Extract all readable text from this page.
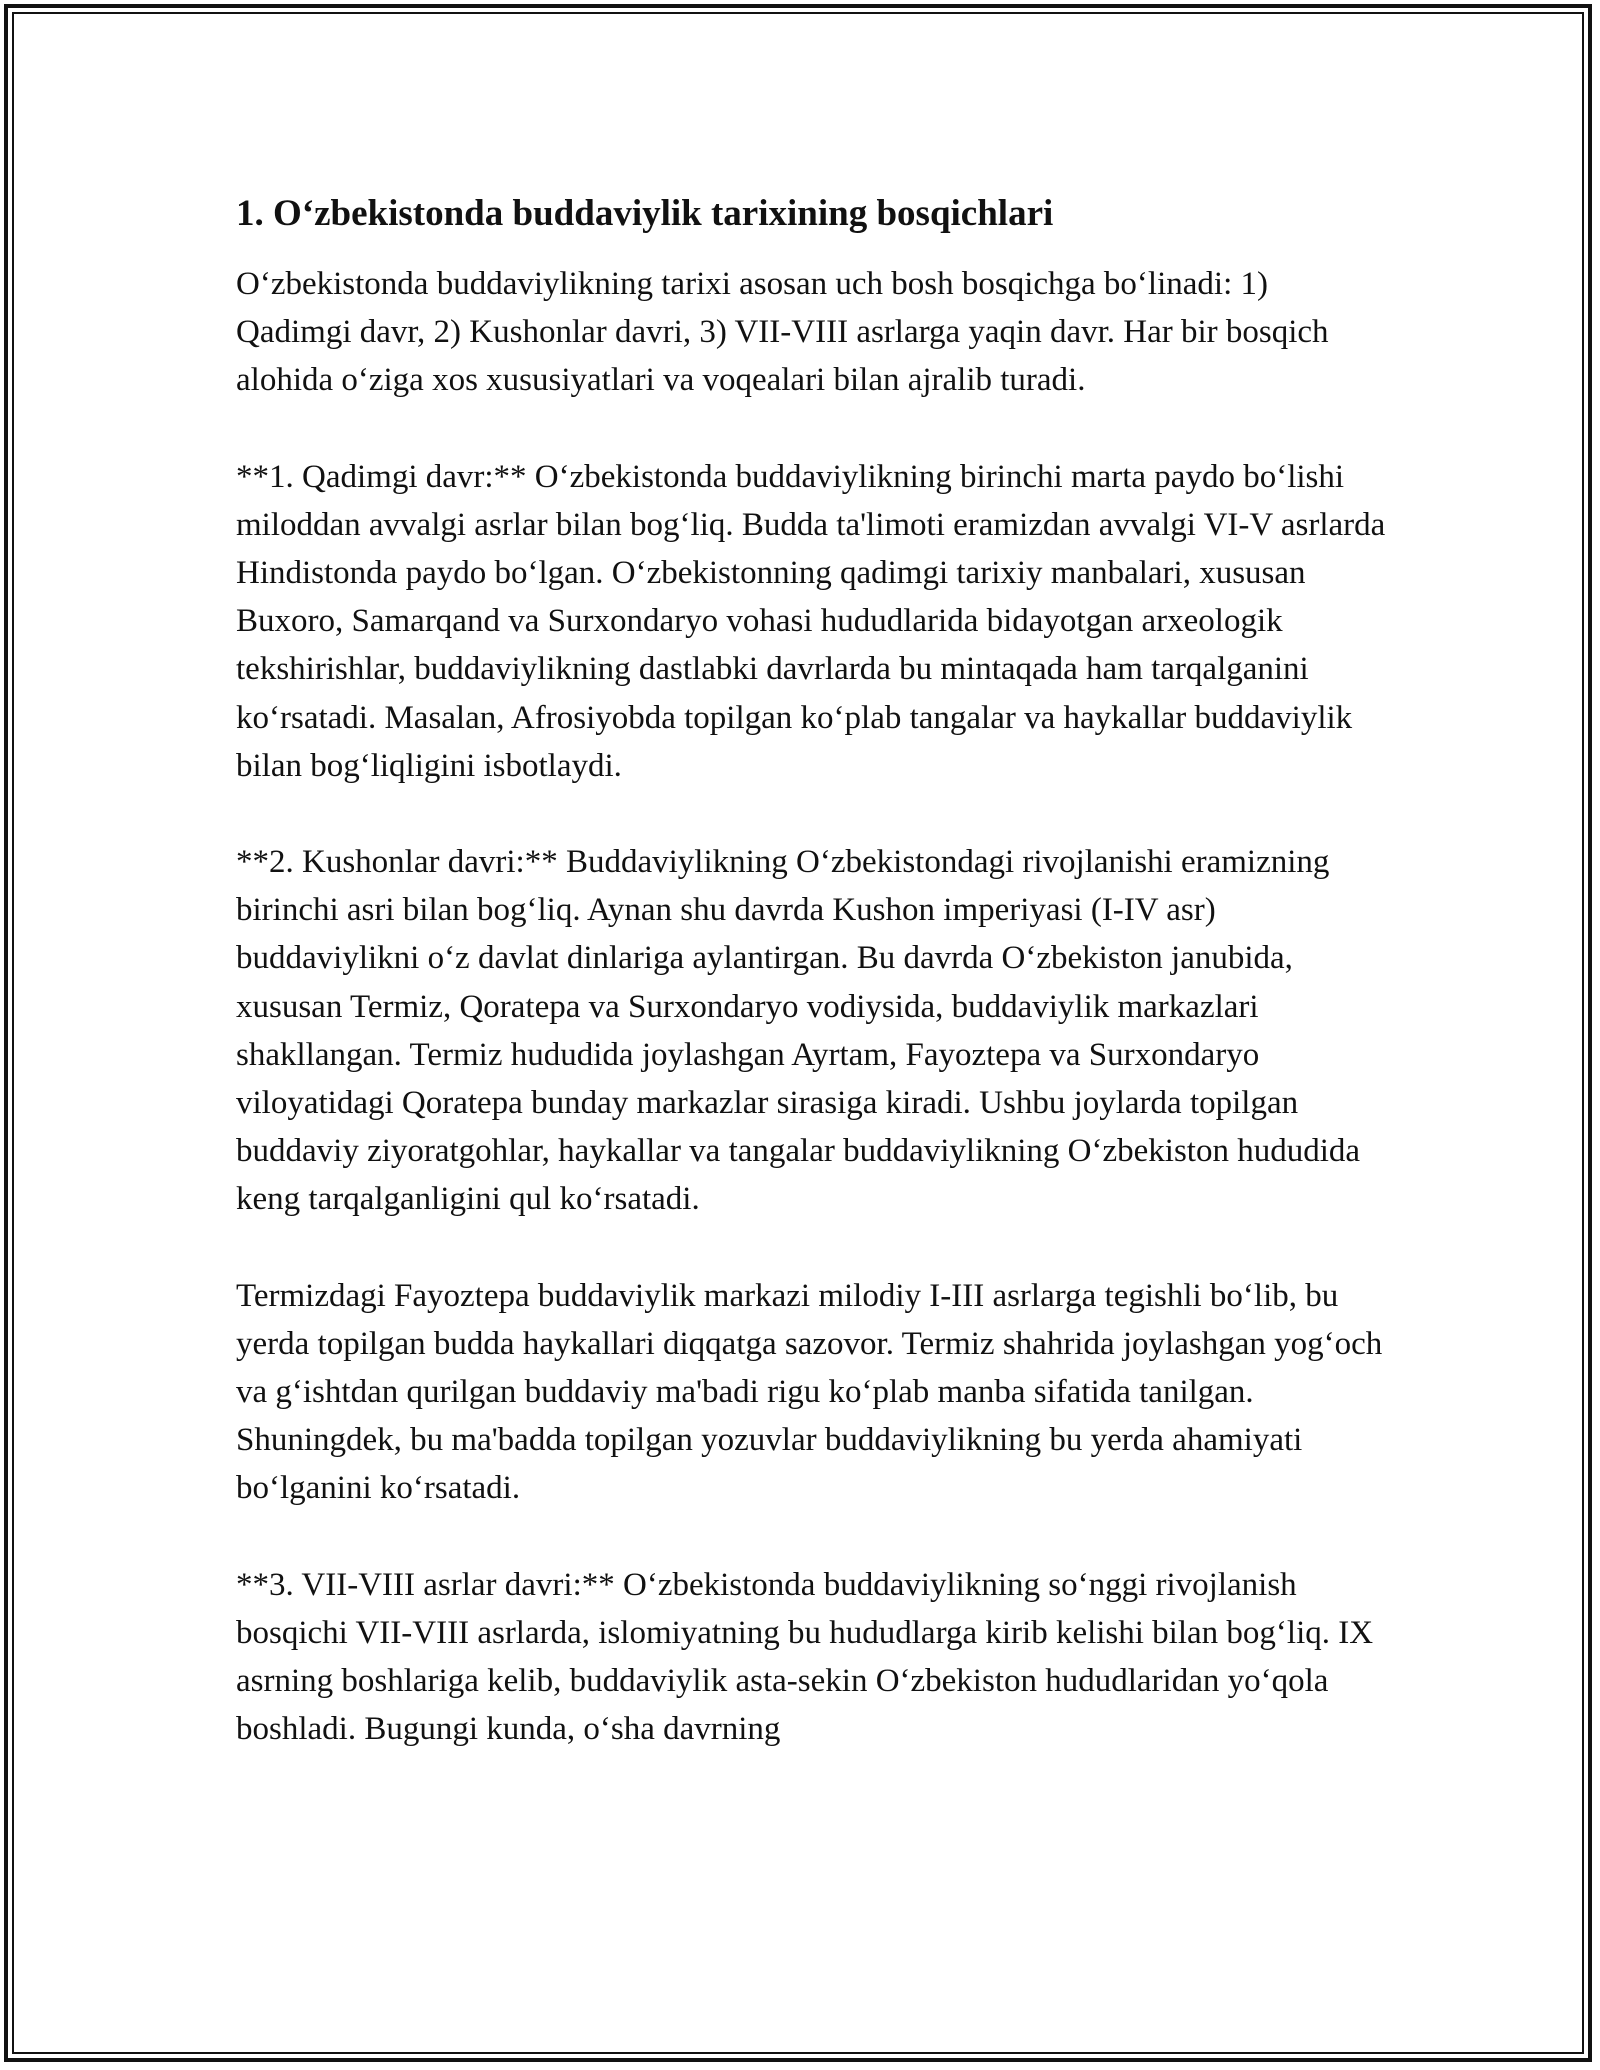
1. O‘zbekistonda buddaviylik tarixining bosqichlari

O‘zbekistonda buddaviylikning tarixi asosan uch bosh bosqichga bo‘linadi: 1) Qadimgi davr, 2) Kushonlar davri, 3) VII-VIII asrlarga yaqin davr. Har bir bosqich alohida o‘ziga xos xususiyatlari va voqealari bilan ajralib turadi.

**1. Qadimgi davr:** O‘zbekistonda buddaviylikning birinchi marta paydo bo‘lishi miloddan avvalgi asrlar bilan bog‘liq. Budda ta'limoti eramizdan avvalgi VI-V asrlarda Hindistonda paydo bo‘lgan. O‘zbekistonning qadimgi tarixiy manbalari, xususan Buxoro, Samarqand va Surxondaryo vohasi hududlarida bidayotgan arxeologik tekshirishlar, buddaviylikning dastlabki davrlarda bu mintaqada ham tarqalganini ko‘rsatadi. Masalan, Afrosiyobda topilgan ko‘plab tangalar va haykallar buddaviylik bilan bog‘liqligini isbotlaydi.

**2. Kushonlar davri:** Buddaviylikning O‘zbekistondagi rivojlanishi eramizning birinchi asri bilan bog‘liq. Aynan shu davrda Kushon imperiyasi (I-IV asr) buddaviylikni o‘z davlat dinlariga aylantirgan. Bu davrda O‘zbekiston janubida, xususan Termiz, Qoratepa va Surxondaryo vodiysida, buddaviylik markazlari shakllangan. Termiz hududida joylashgan Ayrtam, Fayoztepa va Surxondaryo viloyatidagi Qoratepa bunday markazlar sirasiga kiradi. Ushbu joylarda topilgan buddaviy ziyoratgohlar, haykallar va tangalar buddaviylikning O‘zbekiston hududida keng tarqalganligini qul ko‘rsatadi.

Termizdagi Fayoztepa buddaviylik markazi milodiy I-III asrlarga tegishli bo‘lib, bu yerda topilgan budda haykallari diqqatga sazovor. Termiz shahrida joylashgan yog‘och va g‘ishtdan qurilgan buddaviy ma'badi rigu ko‘plab manba sifatida tanilgan. Shuningdek, bu ma'badda topilgan yozuvlar buddaviylikning bu yerda ahamiyati bo‘lganini ko‘rsatadi.

**3. VII-VIII asrlar davri:** O‘zbekistonda buddaviylikning so‘nggi rivojlanish bosqichi VII-VIII asrlarda, islomiyatning bu hududlarga kirib kelishi bilan bog‘liq. IX asrning boshlariga kelib, buddaviylik asta-sekin O‘zbekiston hududlaridan yo‘qola boshladi. Bugungi kunda, o‘sha davrning
